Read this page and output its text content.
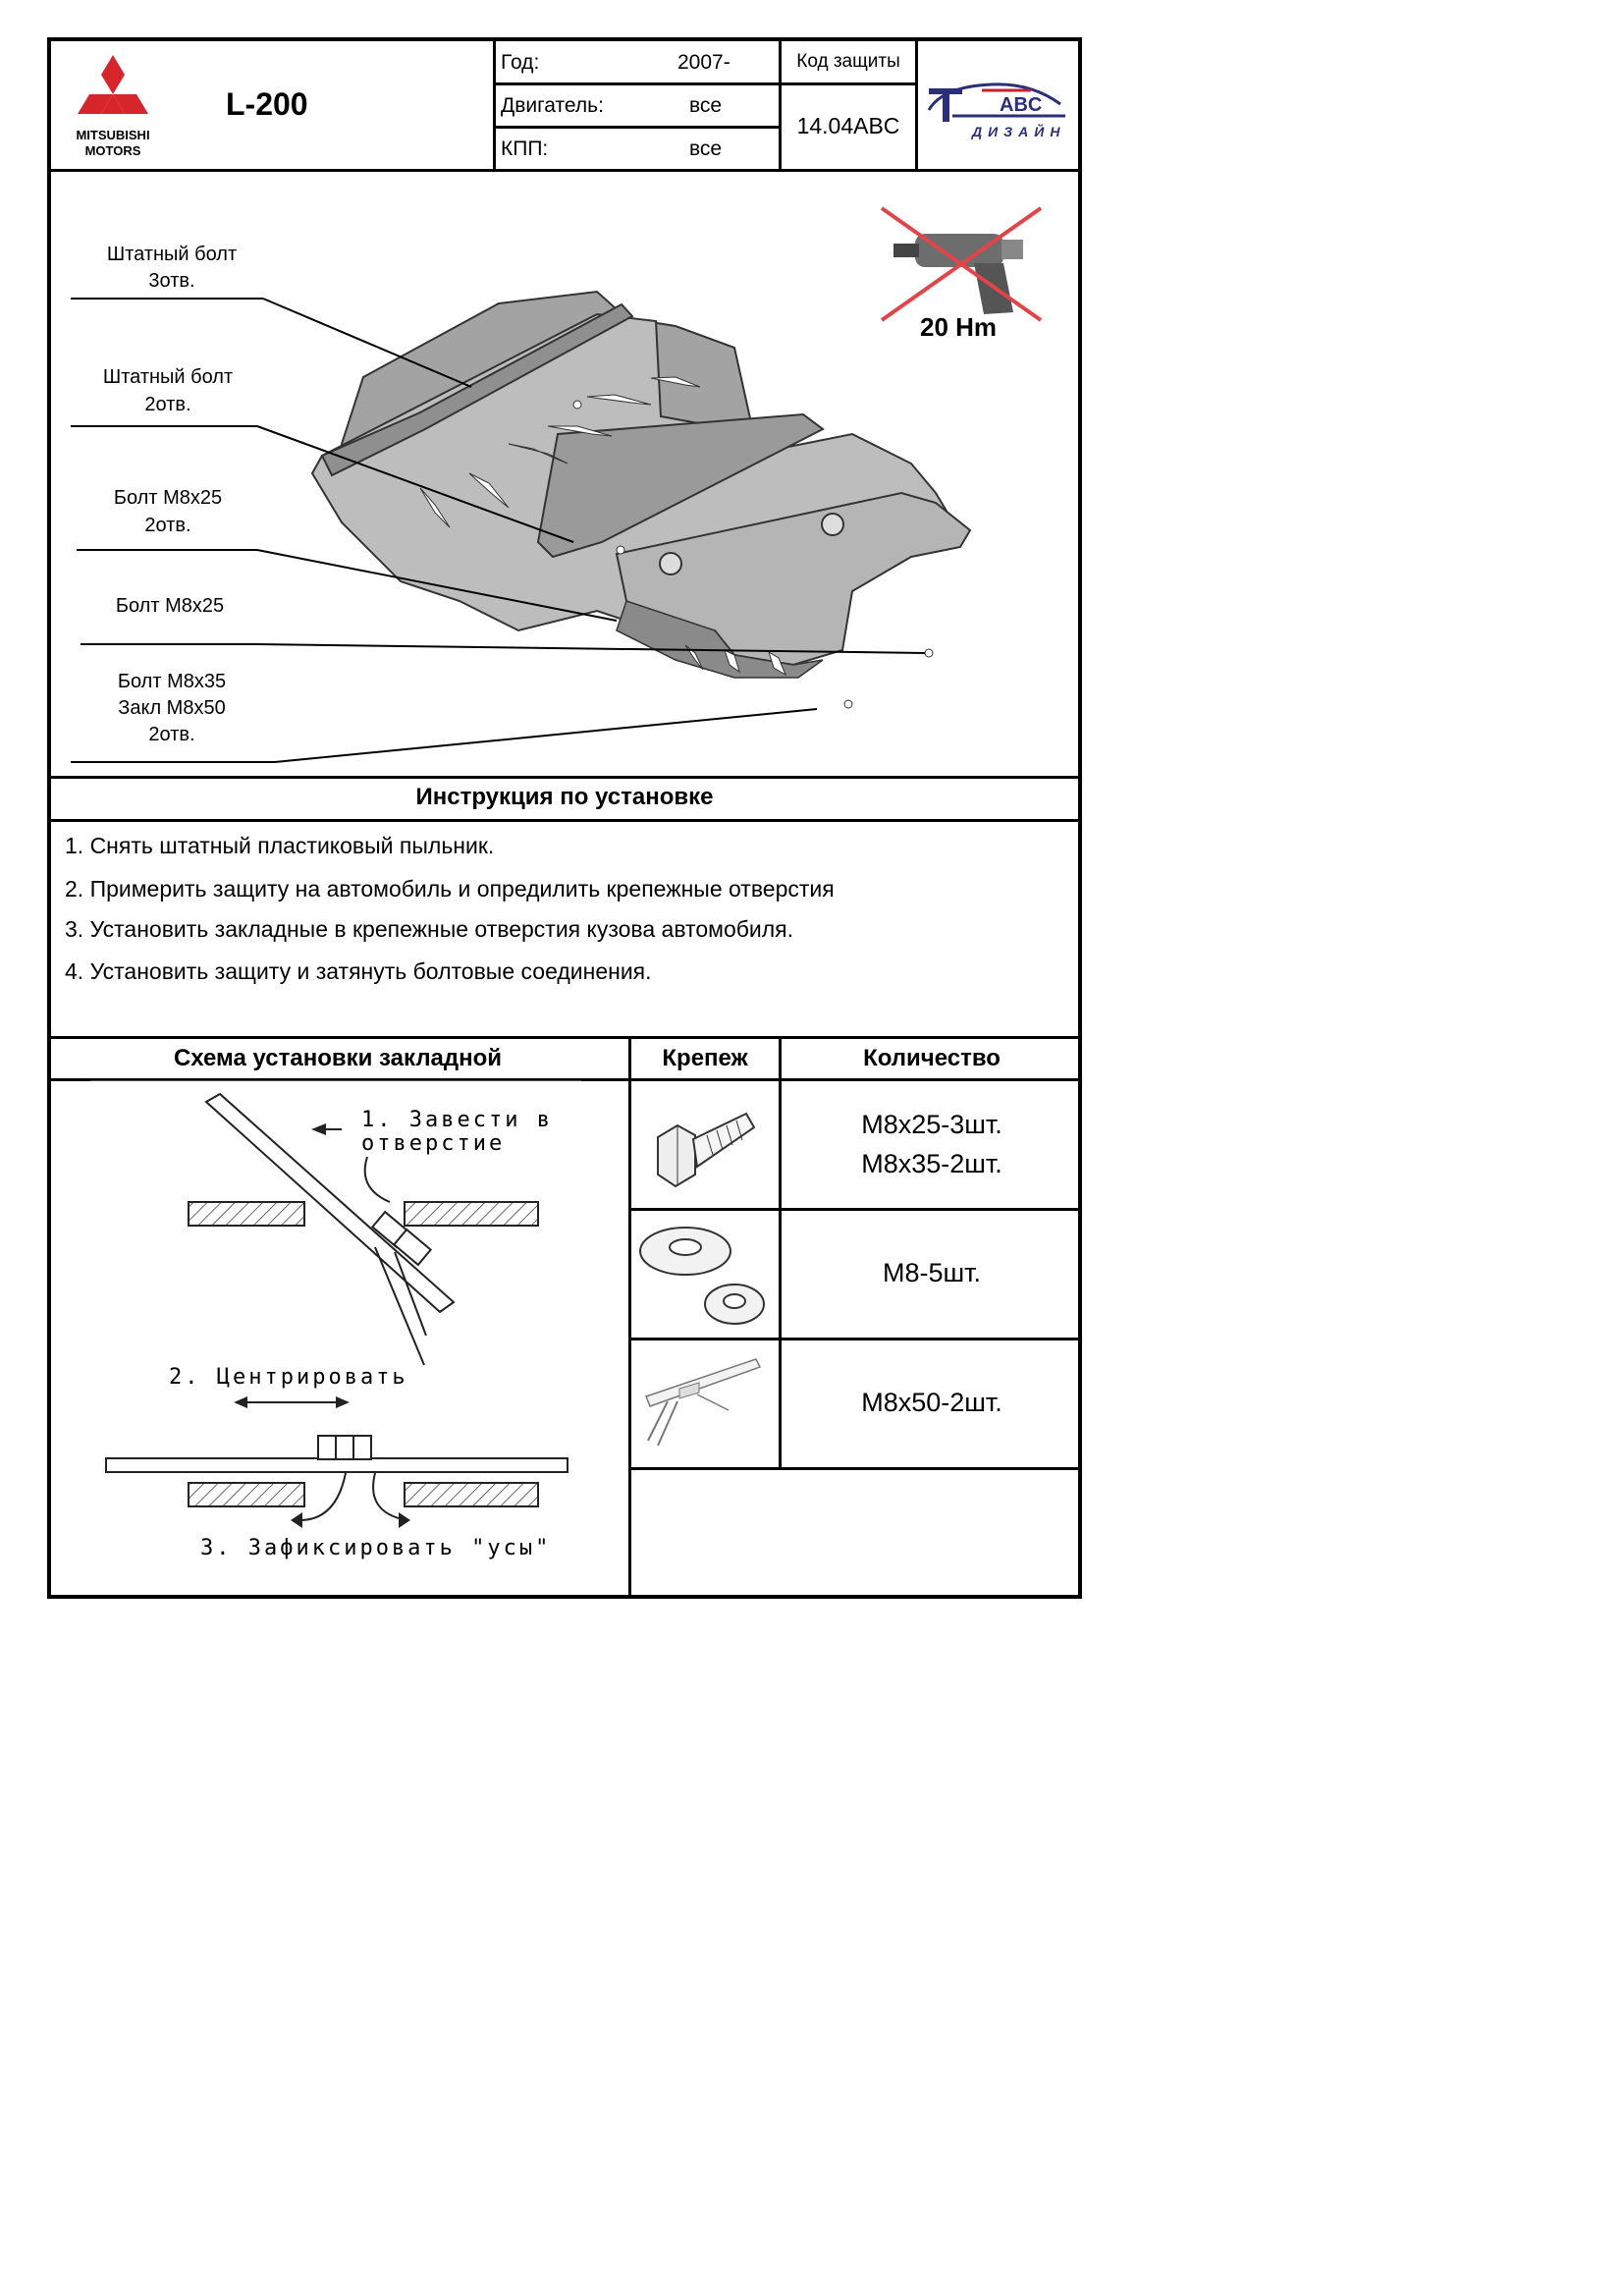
MITSUBISHI
MOTORS
L-200
Год:	2007-
Двигатель:	все
КПП:	все
Код защиты
14.04ABC
ABC
ДИЗАЙН
20 Hm
Штатный болт
3отв.
Штатный болт
2отв.
Болт М8х25
2отв.
Болт М8х25
Болт М8х35
Закл М8х50
2отв.
Инструкция по установке
1. Снять штатный пластиковый пыльник.
2. Примерить защиту на автомобиль и опредилить крепежные отверстия
3. Установить закладные в крепежные отверстия кузова автомобиля.
4. Установить защиту и затянуть болтовые соединения.
Схема установки закладной	Крепеж	Количество
М8х25-3шт.
М8х35-2шт.
М8-5шт.
М8х50-2шт.
1. Завести в
отверстие
2. Центрировать
3. Зафиксировать "усы"
